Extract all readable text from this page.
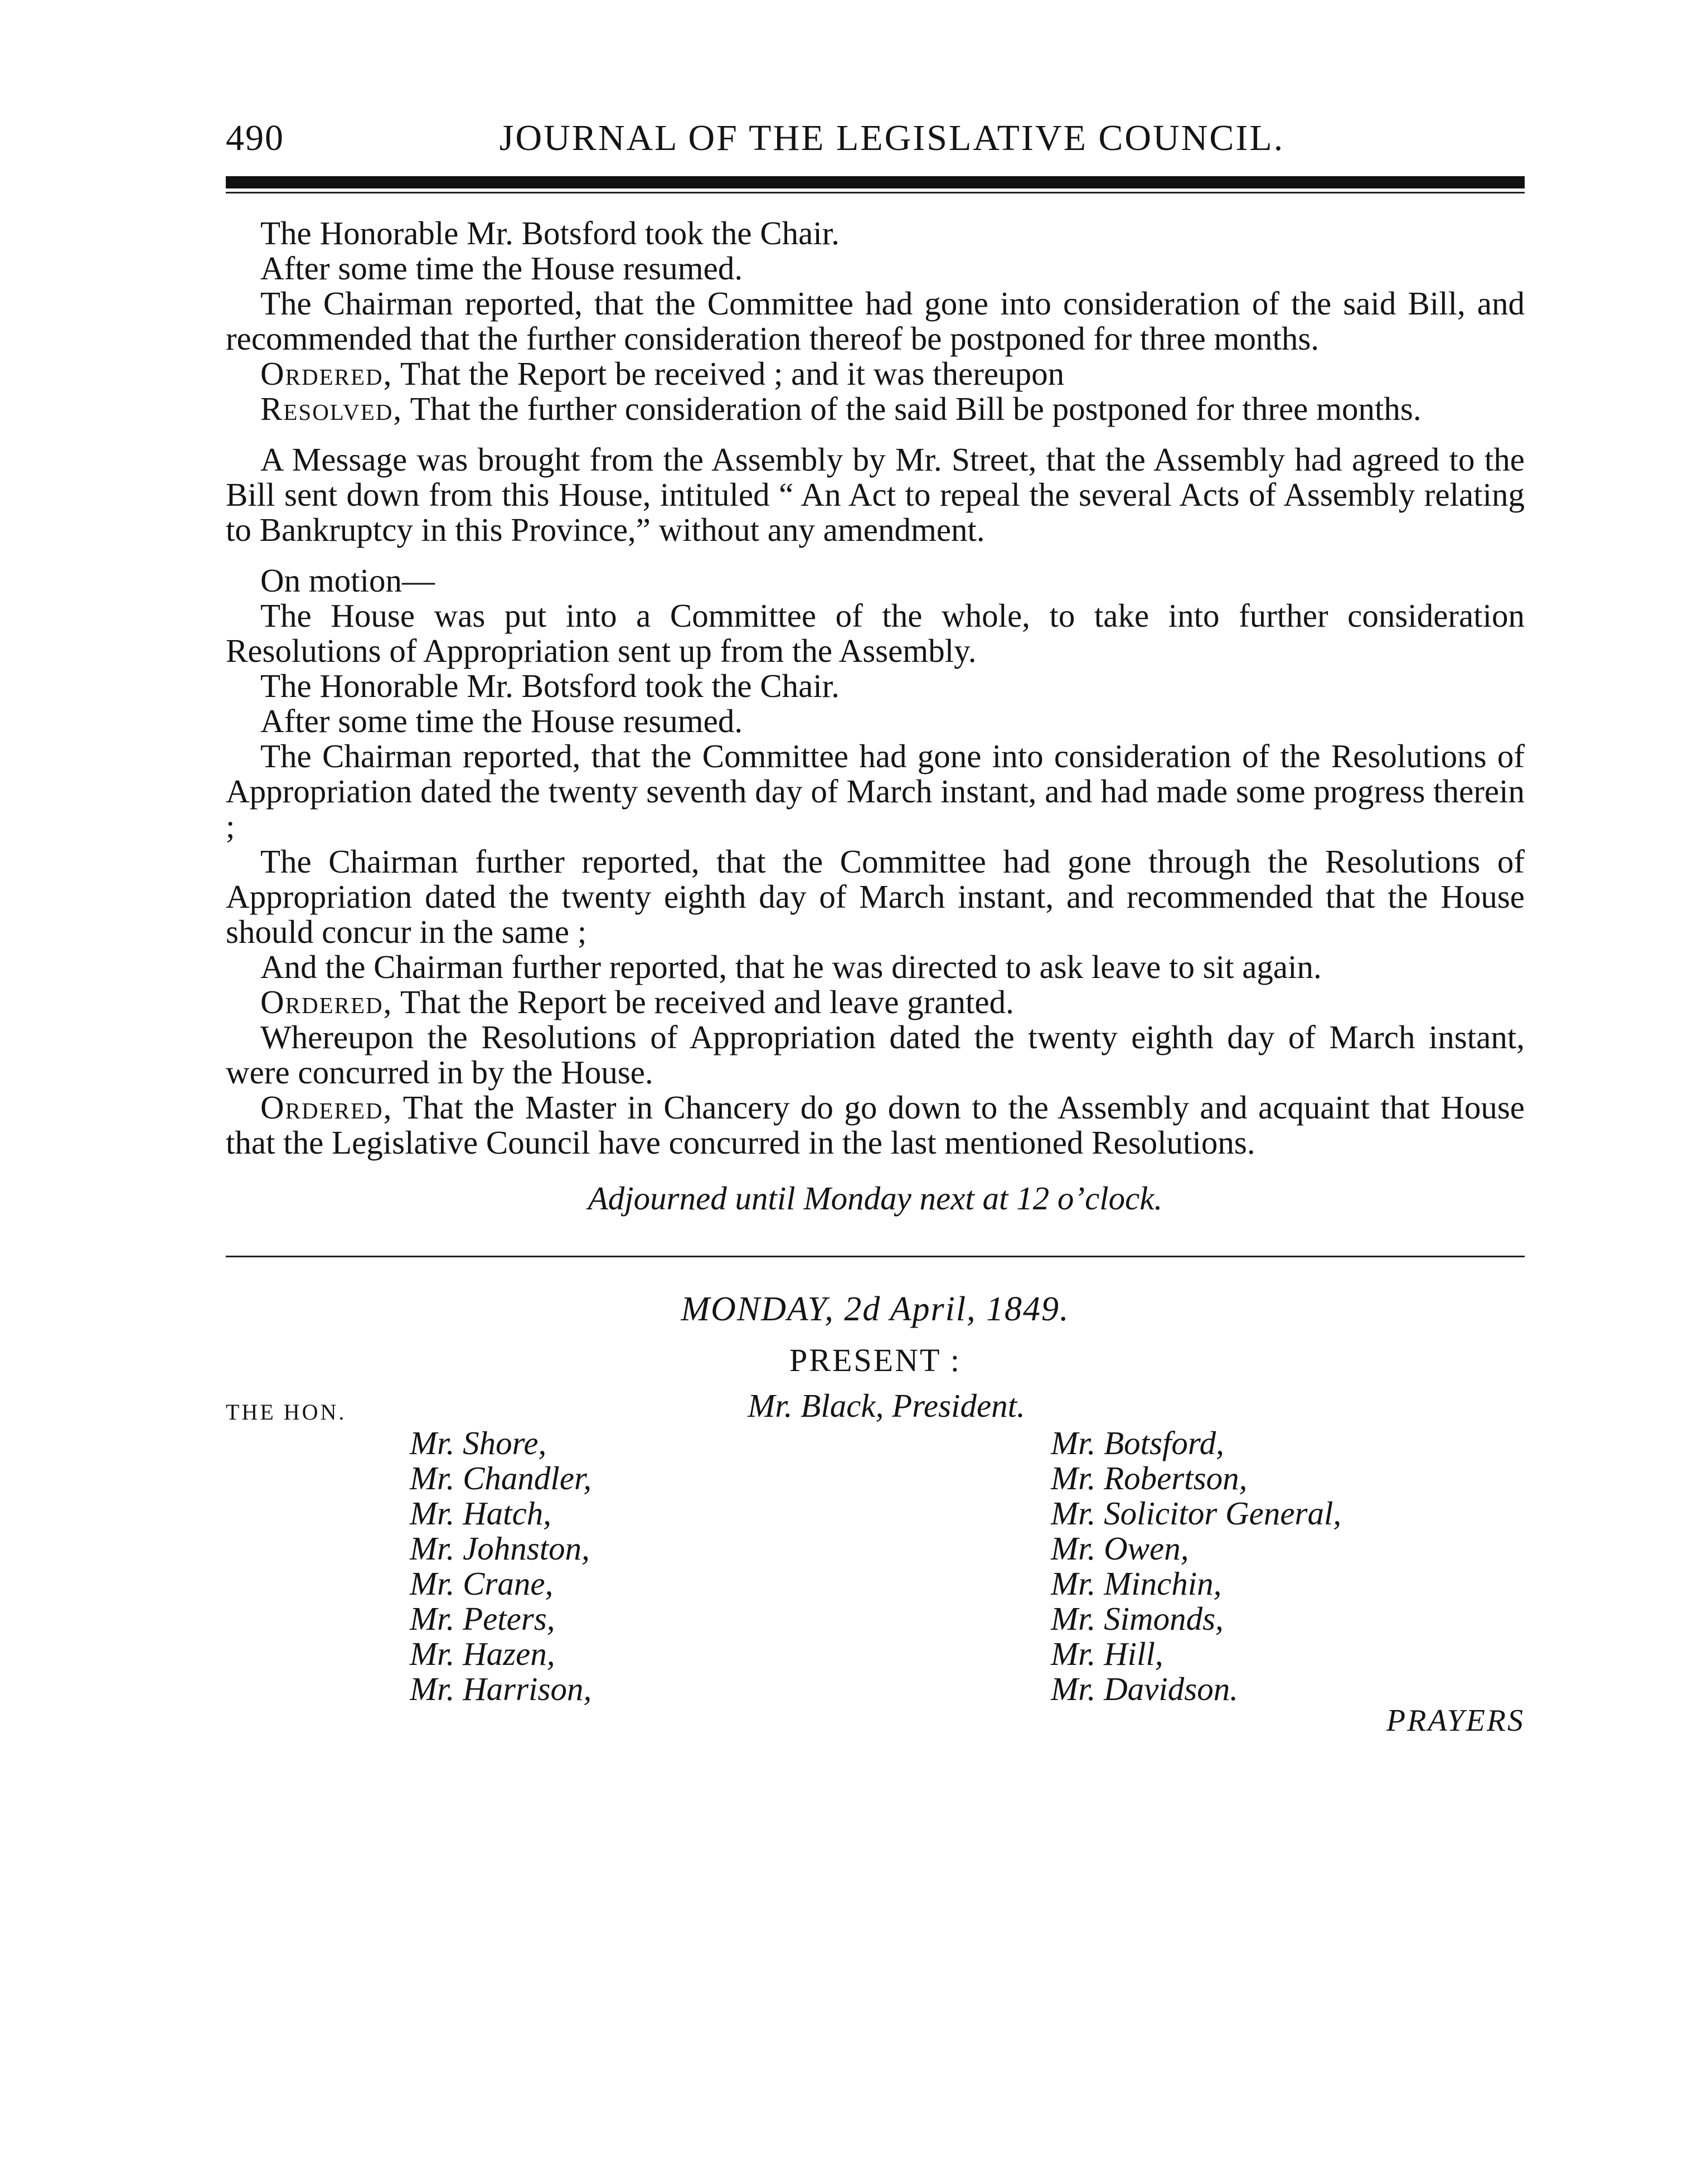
490	JOURNAL OF THE LEGISLATIVE COUNCIL.

The Honorable Mr. Botsford took the Chair.

After some time the House resumed.

The Chairman reported, that the Committee had gone into consideration of the said Bill, and recommended that the further consideration thereof be postponed for three months.

Ordered, That the Report be received ; and it was thereupon

Resolved, That the further consideration of the said Bill be postponed for three months.

A Message was brought from the Assembly by Mr. Street, that the Assembly had agreed to the Bill sent down from this House, intituled “ An Act to repeal the several Acts of Assembly relating to Bankruptcy in this Province,” without any amendment.

On motion—

The House was put into a Committee of the whole, to take into further consideration Resolutions of Appropriation sent up from the Assembly.

The Honorable Mr. Botsford took the Chair.

After some time the House resumed.

The Chairman reported, that the Committee had gone into consideration of the Resolutions of Appropriation dated the twenty seventh day of March instant, and had made some progress therein ;

The Chairman further reported, that the Committee had gone through the Resolutions of Appropriation dated the twenty eighth day of March instant, and recommended that the House should concur in the same ;

And the Chairman further reported, that he was directed to ask leave to sit again.

Ordered, That the Report be received and leave granted.

Whereupon the Resolutions of Appropriation dated the twenty eighth day of March instant, were concurred in by the House.

Ordered, That the Master in Chancery do go down to the Assembly and acquaint that House that the Legislative Council have concurred in the last mentioned Resolutions.

Adjourned until Monday next at 12 o’clock.
MONDAY, 2d April, 1849.
PRESENT :
THE HON.	Mr. Black, President.
Mr. Shore,
Mr. Chandler,
Mr. Hatch,
Mr. Johnston,
Mr. Crane,
Mr. Peters,
Mr. Hazen,
Mr. Harrison,
Mr. Botsford,
Mr. Robertson,
Mr. Solicitor General,
Mr. Owen,
Mr. Minchin,
Mr. Simonds,
Mr. Hill,
Mr. Davidson.
PRAYERS
